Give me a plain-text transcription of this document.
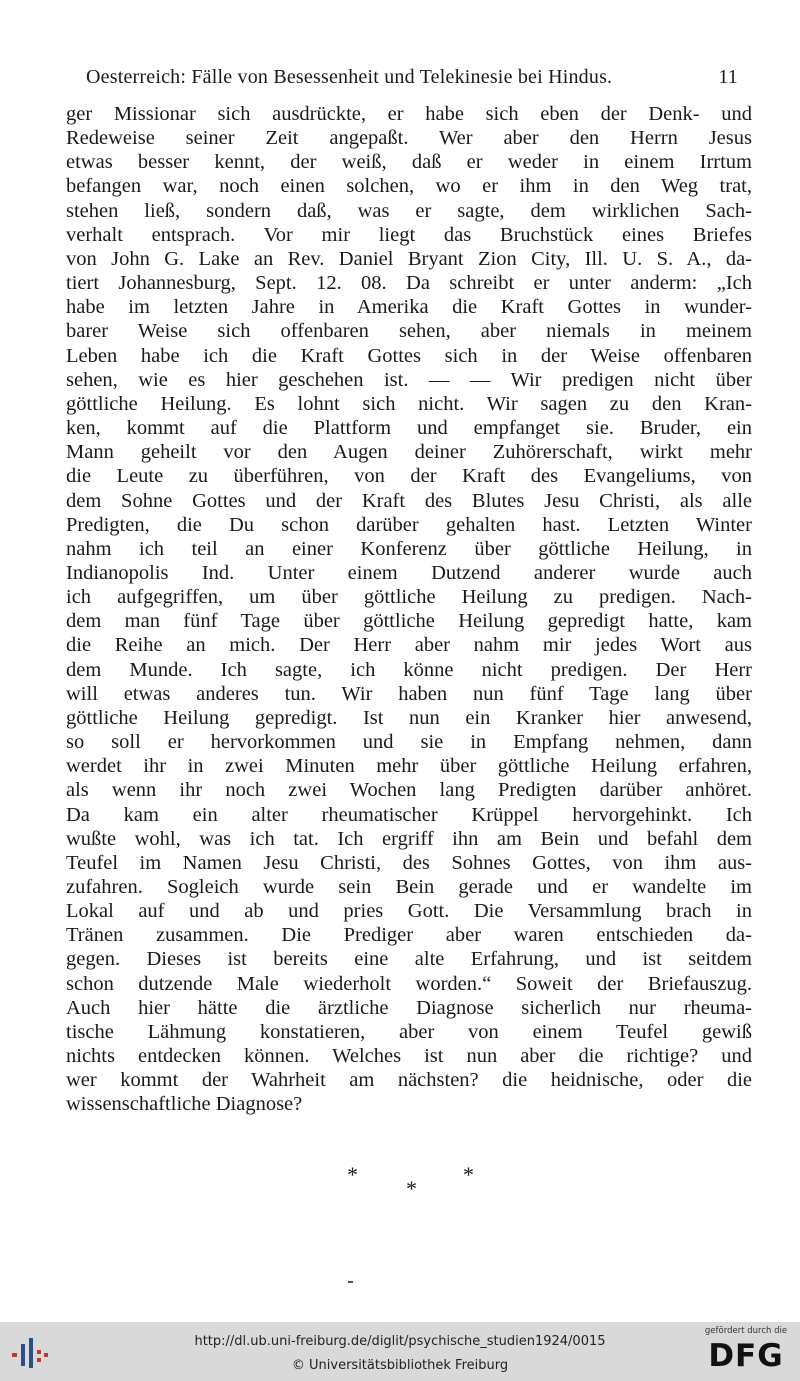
Oesterreich: Fälle von Besessenheit und Telekinesie bei Hindus.	11
ger Missionar sich ausdrückte, er habe sich eben der Denk- und
Redeweise seiner Zeit angepaßt. Wer aber den Herrn Jesus
etwas besser kennt, der weiß, daß er weder in einem Irrtum
befangen war, noch einen solchen, wo er ihm in den Weg trat,
stehen ließ, sondern daß, was er sagte, dem wirklichen Sach-
verhalt entsprach. Vor mir liegt das Bruchstück eines Briefes
von John G. Lake an Rev. Daniel Bryant Zion City, Ill. U. S. A., da-
tiert Johannesburg, Sept. 12. 08. Da schreibt er unter anderm: „Ich
habe im letzten Jahre in Amerika die Kraft Gottes in wunder-
barer Weise sich offenbaren sehen, aber niemals in meinem
Leben habe ich die Kraft Gottes sich in der Weise offenbaren
sehen, wie es hier geschehen ist. — — Wir predigen nicht über
göttliche Heilung. Es lohnt sich nicht. Wir sagen zu den Kran-
ken, kommt auf die Plattform und empfanget sie. Bruder, ein
Mann geheilt vor den Augen deiner Zuhörerschaft, wirkt mehr
die Leute zu überführen, von der Kraft des Evangeliums, von
dem Sohne Gottes und der Kraft des Blutes Jesu Christi, als alle
Predigten, die Du schon darüber gehalten hast. Letzten Winter
nahm ich teil an einer Konferenz über göttliche Heilung, in
Indianopolis Ind. Unter einem Dutzend anderer wurde auch
ich aufgegriffen, um über göttliche Heilung zu predigen. Nach-
dem man fünf Tage über göttliche Heilung gepredigt hatte, kam
die Reihe an mich. Der Herr aber nahm mir jedes Wort aus
dem Munde. Ich sagte, ich könne nicht predigen. Der Herr
will etwas anderes tun. Wir haben nun fünf Tage lang über
göttliche Heilung gepredigt. Ist nun ein Kranker hier anwesend,
so soll er hervorkommen und sie in Empfang nehmen, dann
werdet ihr in zwei Minuten mehr über göttliche Heilung erfahren,
als wenn ihr noch zwei Wochen lang Predigten darüber anhöret.
Da kam ein alter rheumatischer Krüppel hervorgehinkt. Ich
wußte wohl, was ich tat. Ich ergriff ihn am Bein und befahl dem
Teufel im Namen Jesu Christi, des Sohnes Gottes, von ihm aus-
zufahren. Sogleich wurde sein Bein gerade und er wandelte im
Lokal auf und ab und pries Gott. Die Versammlung brach in
Tränen zusammen. Die Prediger aber waren entschieden da-
gegen. Dieses ist bereits eine alte Erfahrung, und ist seitdem
schon dutzende Male wiederholt worden.“ Soweit der Briefauszug.
Auch hier hätte die ärztliche Diagnose sicherlich nur rheuma-
tische Lähmung konstatieren, aber von einem Teufel gewiß
nichts entdecken können. Welches ist nun aber die richtige? und
wer kommt der Wahrheit am nächsten? die heidnische, oder die
wissenschaftliche Diagnose?
*	*
*
http://dl.ub.uni-freiburg.de/diglit/psychische_studien1924/0015
© Universitätsbibliothek Freiburg
gefördert durch die
DFG
